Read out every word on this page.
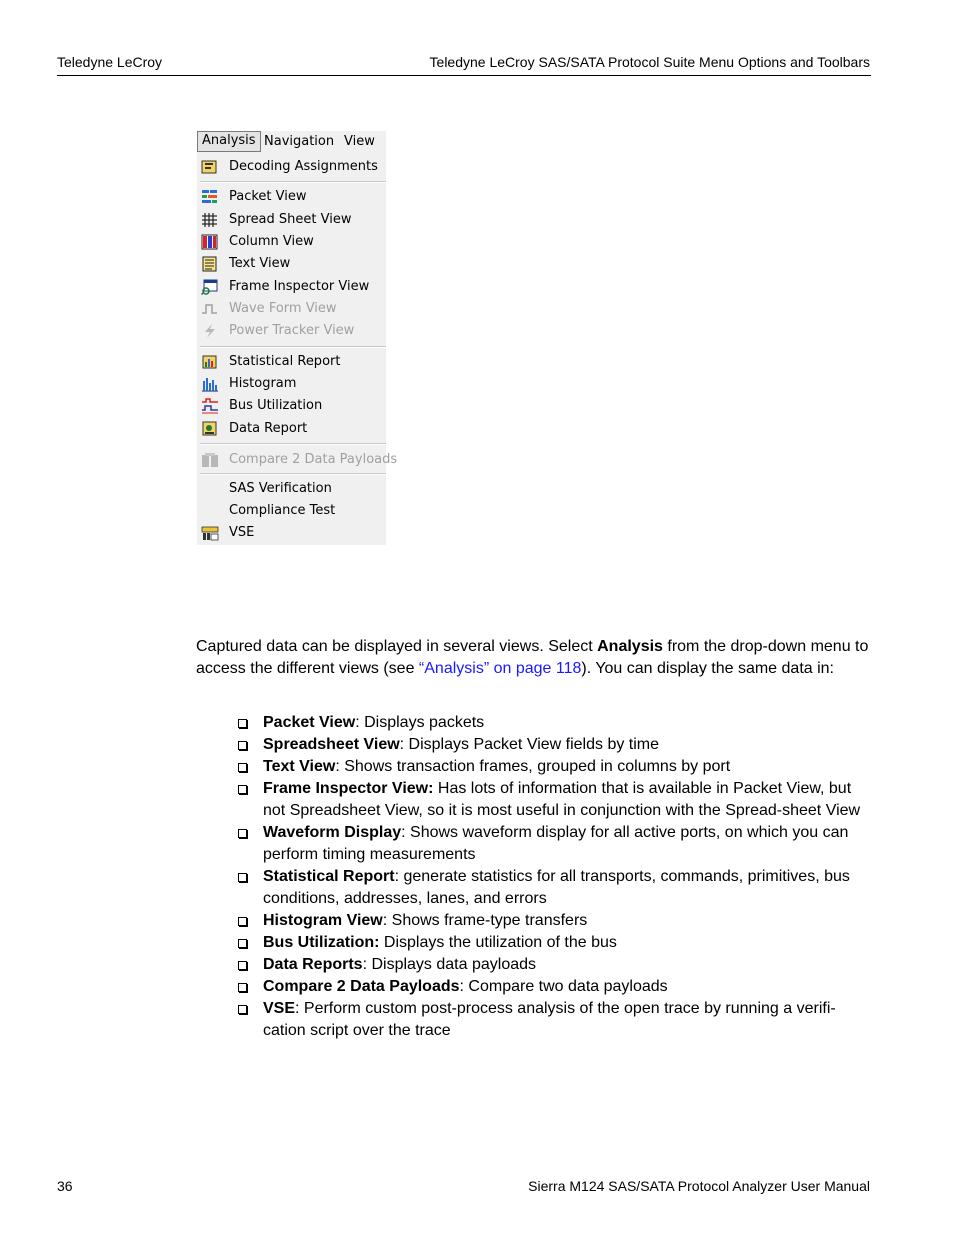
Teledyne LeCroy	Teledyne LeCroy SAS/SATA Protocol Suite Menu Options and Toolbars
Analysis Navigation View
Decoding Assignments
Packet View
Spread Sheet View
Column View
Text View
Frame Inspector View
Wave Form View
Power Tracker View
Statistical Report
Histogram
Bus Utilization
Data Report
Compare 2 Data Payloads
SAS Verification
Compliance Test
VSE

Captured data can be displayed in several views. Select Analysis from the drop-down menu to access the different views (see “Analysis” on page 118). You can display the same data in:

Packet View: Displays packets
Spreadsheet View: Displays Packet View fields by time
Text View: Shows transaction frames, grouped in columns by port
Frame Inspector View: Has lots of information that is available in Packet View, but not Spreadsheet View, so it is most useful in conjunction with the Spread-sheet View
Waveform Display: Shows waveform display for all active ports, on which you can perform timing measurements
Statistical Report: generate statistics for all transports, commands, primitives, bus conditions, addresses, lanes, and errors
Histogram View: Shows frame-type transfers
Bus Utilization: Displays the utilization of the bus
Data Reports: Displays data payloads
Compare 2 Data Payloads: Compare two data payloads
VSE: Perform custom post-process analysis of the open trace by running a verifi-cation script over the trace
36	Sierra M124 SAS/SATA Protocol Analyzer User Manual
